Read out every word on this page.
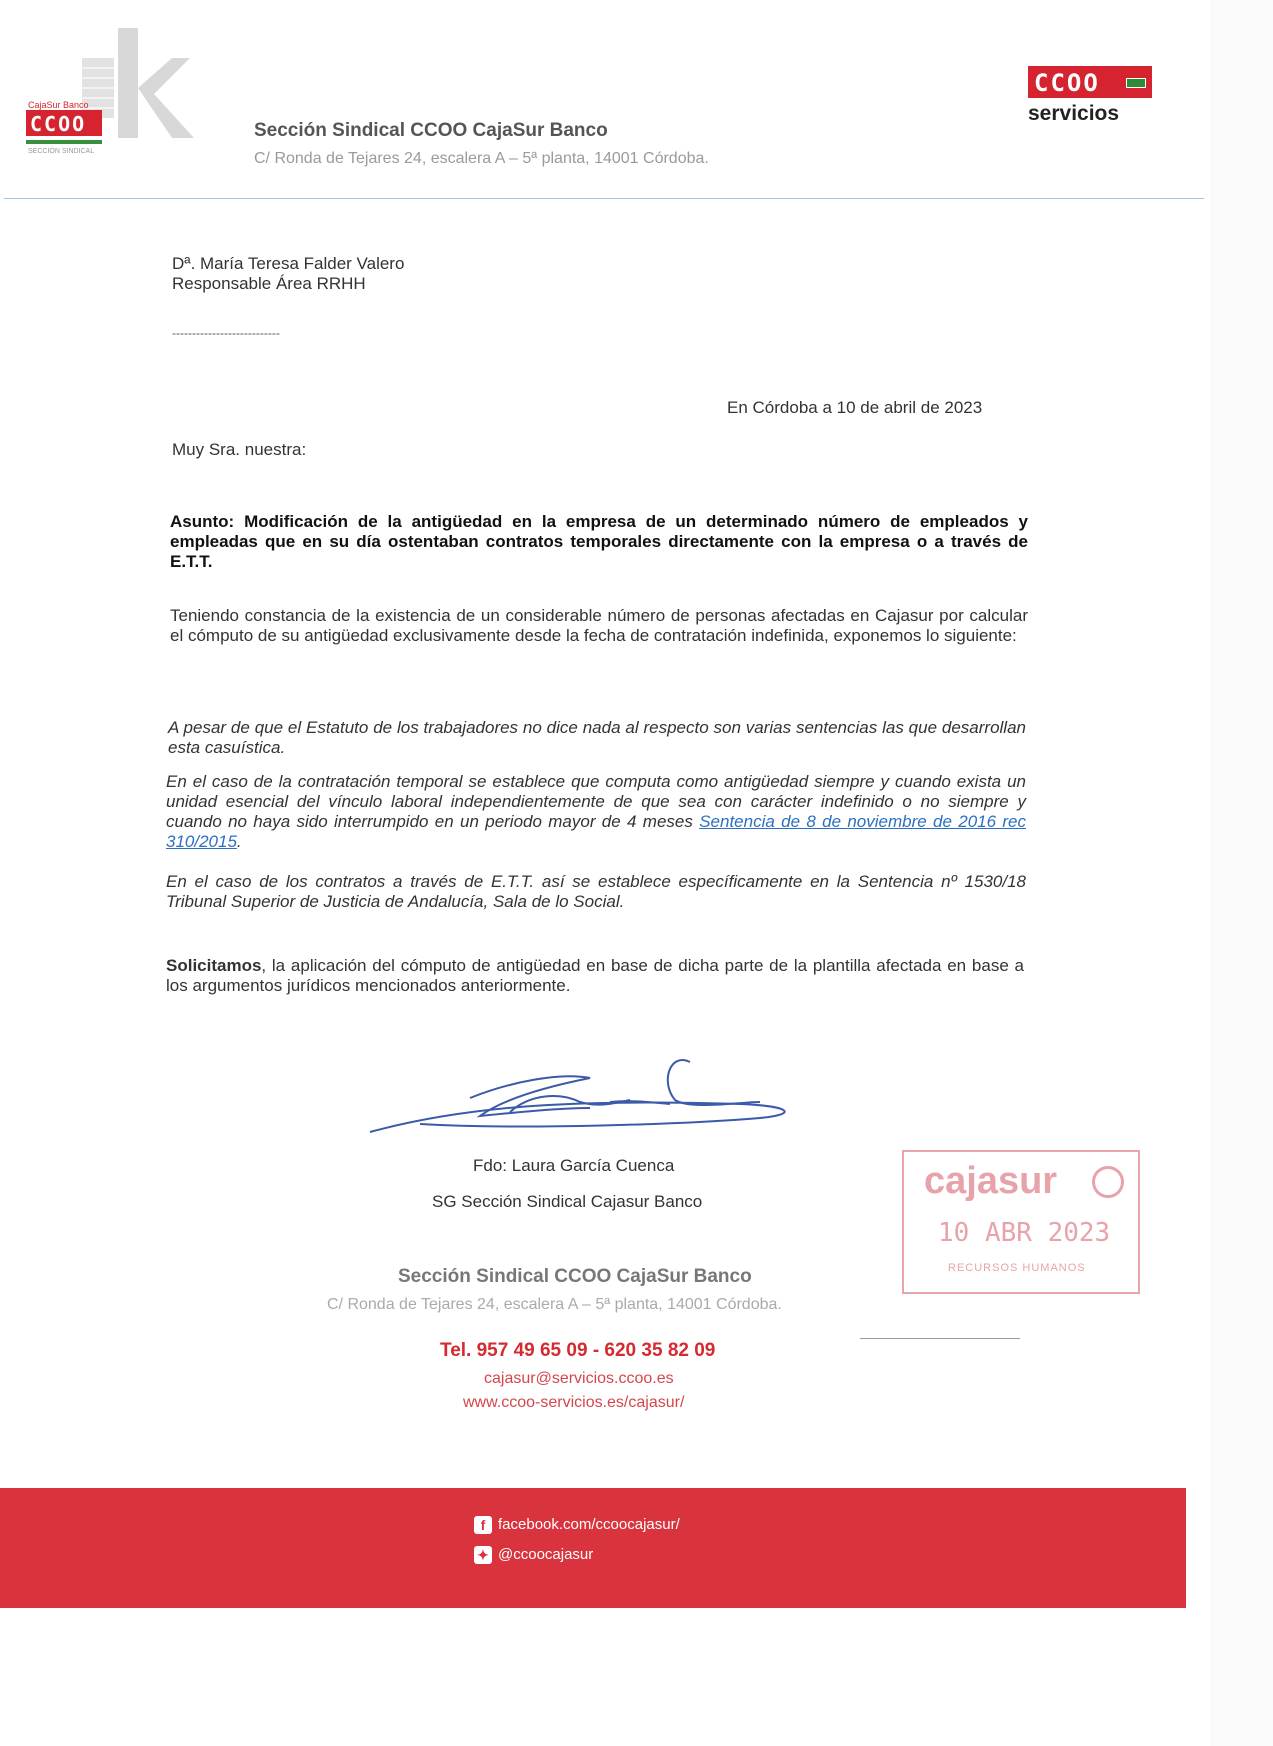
CajaSur Banco
CCOO
SECCIÓN SINDICAL
Sección Sindical CCOO CajaSur Banco
C/ Ronda de Tejares 24, escalera A – 5ª planta, 14001 Córdoba.
CCOO
servicios
Dª. María Teresa Falder Valero
Responsable Área RRHH
---------------------------
En Córdoba a 10 de abril de 2023
Muy Sra. nuestra:
Asunto: Modificación de la antigüedad en la empresa de un determinado número de empleados y empleadas que en su día ostentaban contratos temporales directamente con la empresa o a través de E.T.T.
Teniendo constancia de la existencia de un considerable número de personas afectadas en Cajasur por calcular el cómputo de su antigüedad exclusivamente desde la fecha de contratación indefinida, exponemos lo siguiente:
A pesar de que el Estatuto de los trabajadores no dice nada al respecto son varias sentencias las que desarrollan esta casuística.
En el caso de la contratación temporal se establece que computa como antigüedad siempre y cuando exista un unidad esencial del vínculo laboral independientemente de que sea con carácter indefinido o no siempre y cuando no haya sido interrumpido en un periodo mayor de 4 meses Sentencia de 8 de noviembre de 2016 rec 310/2015.
En el caso de los contratos a través de E.T.T. así se establece específicamente en la Sentencia nº 1530/18 Tribunal Superior de Justicia de Andalucía, Sala de lo Social.
Solicitamos, la aplicación del cómputo de antigüedad en base de dicha parte de la plantilla afectada en base a los argumentos jurídicos mencionados anteriormente.
Fdo: Laura García Cuenca
SG Sección Sindical Cajasur Banco	cajasur
10 ABR 2023
RECURSOS HUMANOS
Sección Sindical CCOO CajaSur Banco
C/ Ronda de Tejares 24, escalera A – 5ª planta, 14001 Córdoba.
Tel. 957 49 65 09 - 620 35 82 09
cajasur@servicios.ccoo.es
www.ccoo-servicios.es/cajasur/
f facebook.com/ccoocajasur/
✦ @ccoocajasur
